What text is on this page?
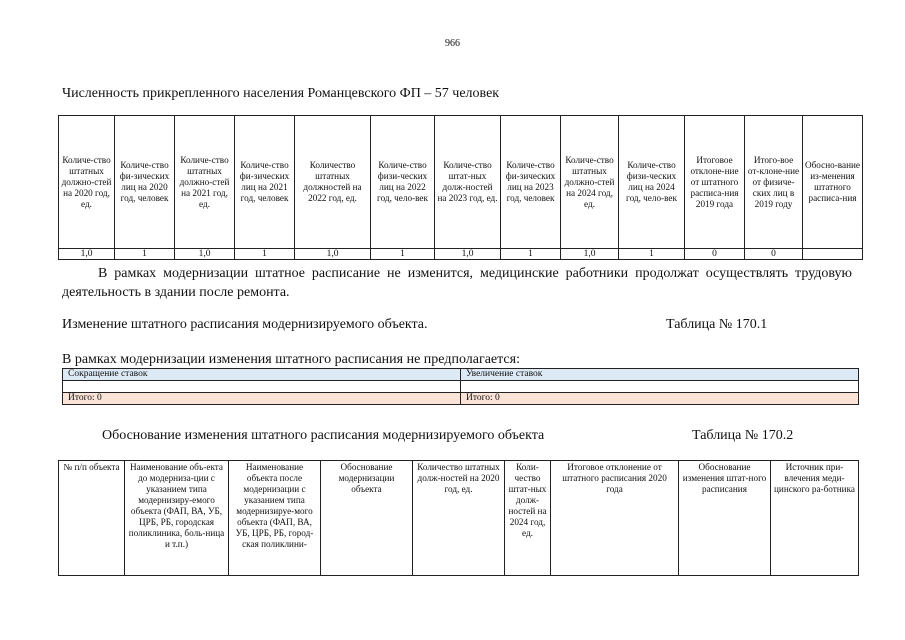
966
Численность прикрепленного населения Романцевского ФП – 57 человек
Количе-ство штатных должно-стей на 2020 год, ед.	Количе-ство фи-зических лиц на 2020 год, человек	Количе-ство штатных должно-стей на 2021 год, ед.	Количе-ство фи-зических лиц на 2021 год, человек	Количество штатных должностей на 2022 год, ед.	Количе-ство физи-ческих лиц на 2022 год, чело-век	Количе-ство штат-ных долж-ностей на 2023 год, ед.	Количе-ство фи-зических лиц на 2023 год, человек	Количе-ство штатных должно-стей на 2024 год, ед.	Количе-ство физи-ческих лиц на 2024 год, чело-век	Итоговое отклоне-ние от штатного расписа-ния 2019 года	Итого-вое от-клоне-ние от физиче-ских лиц в 2019 году	Обосно-вание из-менения штатного расписа-ния
1,0	1	1,0	1	1,0	1	1,0	1	1,0	1	0	0	
В рамках модернизации штатное расписание не изменится, медицинские работники продолжат осуществлять трудовую деятельность в здании после ремонта.
Изменение штатного расписания модернизируемого объекта.	Таблица № 170.1
В рамках модернизации изменения штатного расписания не предполагается:
Сокращение ставок	Увеличение ставок

Итого: 0	Итого: 0
Обоснование изменения штатного расписания модернизируемого объекта	Таблица № 170.2
№ п/п объекта	Наименование объ-екта до модерниза-ции с указанием типа модернизиру-емого объекта (ФАП, ВА, УБ, ЦРБ, РБ, городская поликлиника, боль-ница и т.п.)	Наименование объекта после модернизации с указанием типа модернизируе-мого объекта (ФАП, ВА, УБ, ЦРБ, РБ, город-ская поликлини-	Обоснование модернизации объекта	Количество штатных долж-ностей на 2020 год, ед.	Коли-чество штат-ных долж-ностей на 2024 год, ед.	Итоговое отклонение от штатного расписания 2020 года	Обоснование изменения штат-ного расписания	Источник при-влечения меди-цинского ра-ботника
